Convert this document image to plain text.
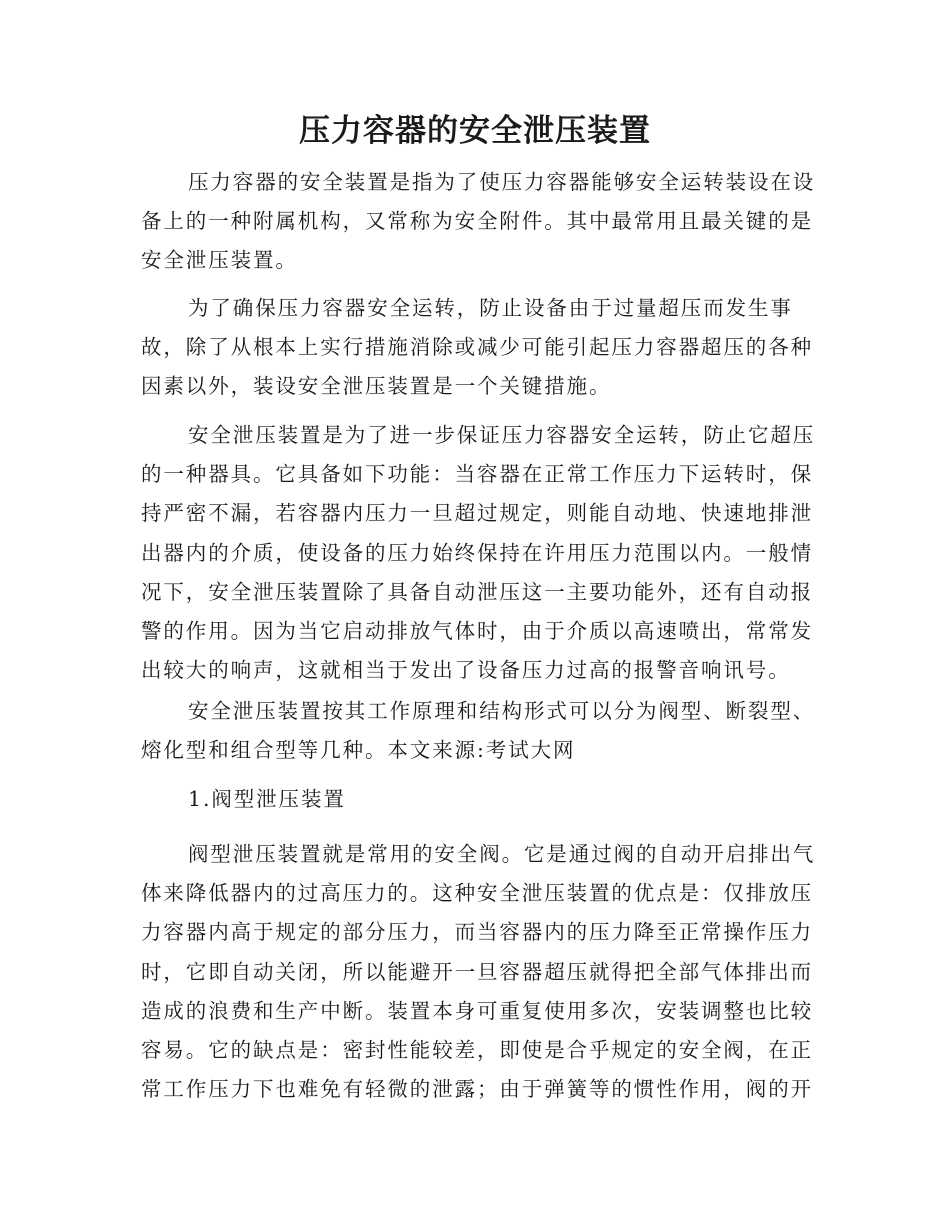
压力容器的安全泄压装置

压力容器的安全装置是指为了使压力容器能够安全运转装设在设
备上的一种附属机构，又常称为安全附件。其中最常用且最关键的是
安全泄压装置。

为了确保压力容器安全运转，防止设备由于过量超压而发生事
故，除了从根本上实行措施消除或减少可能引起压力容器超压的各种
因素以外，装设安全泄压装置是一个关键措施。

安全泄压装置是为了进一步保证压力容器安全运转，防止它超压
的一种器具。它具备如下功能：当容器在正常工作压力下运转时，保
持严密不漏，若容器内压力一旦超过规定，则能自动地、快速地排泄
出器内的介质，使设备的压力始终保持在许用压力范围以内。一般情
况下，安全泄压装置除了具备自动泄压这一主要功能外，还有自动报
警的作用。因为当它启动排放气体时，由于介质以高速喷出，常常发
出较大的响声，这就相当于发出了设备压力过高的报警音响讯号。

安全泄压装置按其工作原理和结构形式可以分为阀型、断裂型、
熔化型和组合型等几种。本文来源:考试大网

1.阀型泄压装置

阀型泄压装置就是常用的安全阀。它是通过阀的自动开启排出气
体来降低器内的过高压力的。这种安全泄压装置的优点是：仅排放压
力容器内高于规定的部分压力，而当容器内的压力降至正常操作压力
时，它即自动关闭，所以能避开一旦容器超压就得把全部气体排出而
造成的浪费和生产中断。装置本身可重复使用多次，安装调整也比较
容易。它的缺点是：密封性能较差，即使是合乎规定的安全阀，在正
常工作压力下也难免有轻微的泄露；由于弹簧等的惯性作用，阀的开
